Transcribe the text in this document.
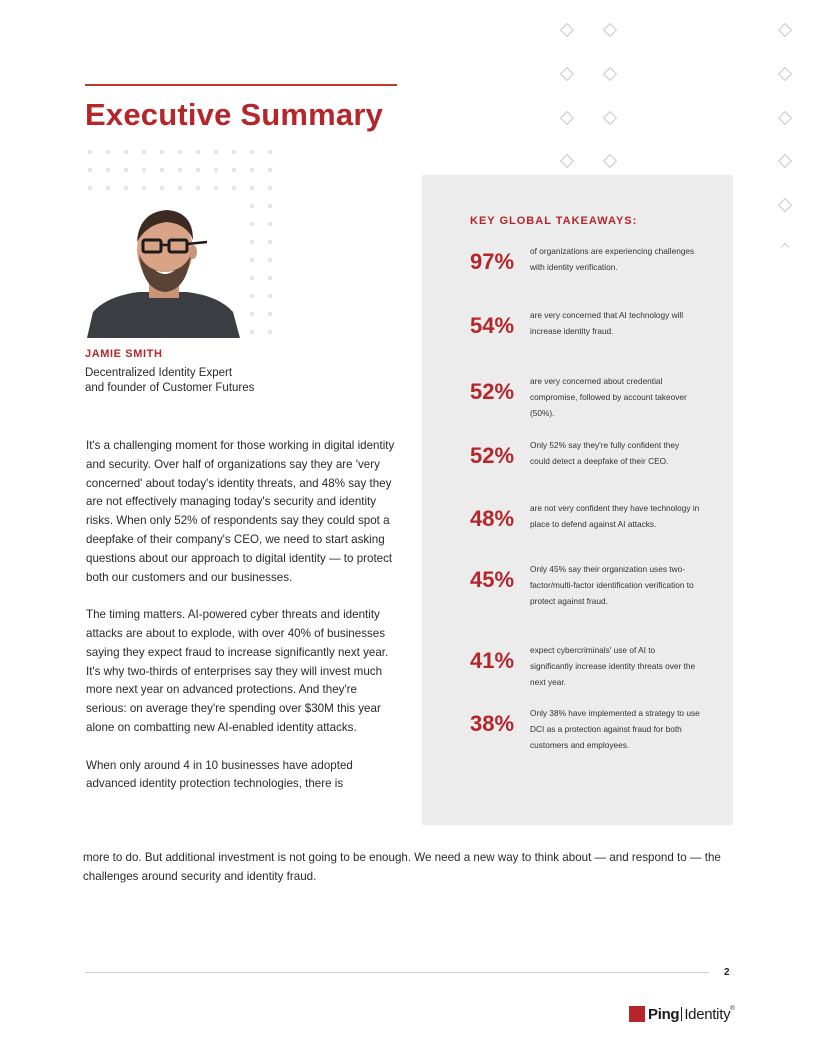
Executive Summary
JAMIE SMITH
Decentralized Identity Expert
and founder of Customer Futures

It's a challenging moment for those working in digital identity and security. Over half of organizations say they are 'very concerned' about today's identity threats, and 48% say they are not effectively managing today's security and identity risks. When only 52% of respondents say they could spot a deepfake of their company's CEO, we need to start asking questions about our approach to digital identity — to protect both our customers and our businesses.

The timing matters. AI-powered cyber threats and identity attacks are about to explode, with over 40% of businesses saying they expect fraud to increase significantly next year. It's why two-thirds of enterprises say they will invest much more next year on advanced protections. And they're serious: on average they're spending over $30M this year alone on combatting new AI-enabled identity attacks.

When only around 4 in 10 businesses have adopted advanced identity protection technologies, there is

more to do. But additional investment is not going to be enough. We need a new way to think about — and respond to — the challenges around security and identity fraud.
KEY GLOBAL TAKEAWAYS:
97% of organizations are experiencing challenges with identity verification.
54% are very concerned that AI technology will increase identity fraud.
52% are very concerned about credential compromise, followed by account takeover (50%).
52% Only 52% say they're fully confident they could detect a deepfake of their CEO.
48% are not very confident they have technology in place to defend against AI attacks.
45% Only 45% say their organization uses two-factor/multi-factor identification verification to protect against fraud.
41% expect cybercriminals' use of AI to significantly increase identity threats over the next year.
38% Only 38% have implemented a strategy to use DCI as a protection against fraud for both customers and employees.
2
Ping Identity ®
